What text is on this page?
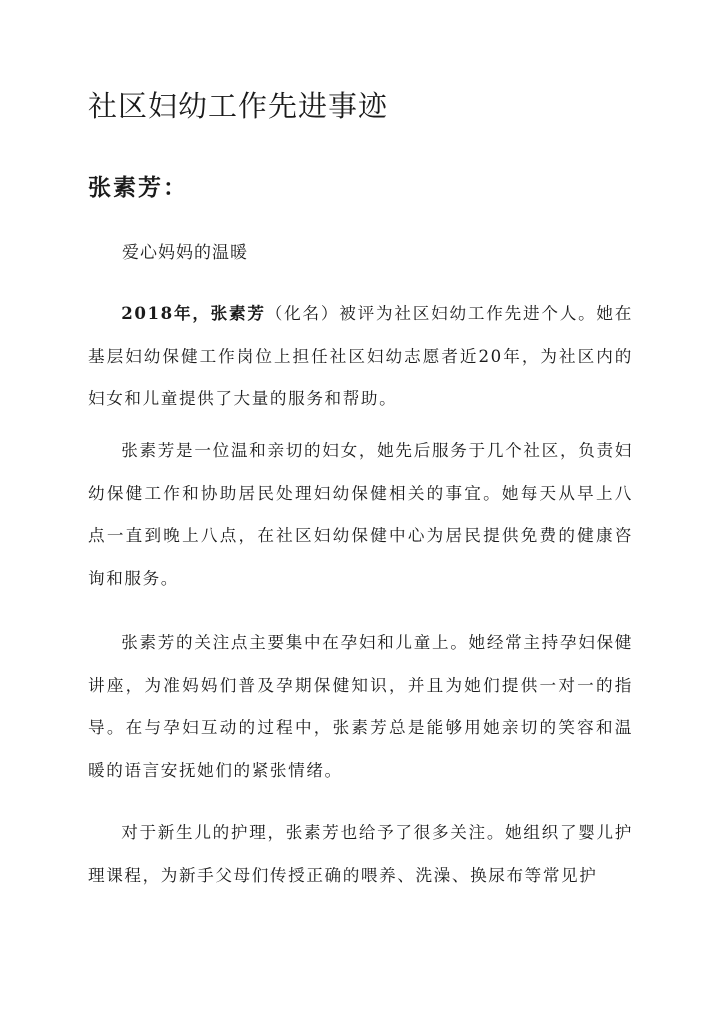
社区妇幼工作先进事迹
张素芳：

爱心妈妈的温暖

2018年，张素芳（化名）被评为社区妇幼工作先进个人。她在基层妇幼保健工作岗位上担任社区妇幼志愿者近20年，为社区内的妇女和儿童提供了大量的服务和帮助。

张素芳是一位温和亲切的妇女，她先后服务于几个社区，负责妇幼保健工作和协助居民处理妇幼保健相关的事宜。她每天从早上八点一直到晚上八点，在社区妇幼保健中心为居民提供免费的健康咨询和服务。

张素芳的关注点主要集中在孕妇和儿童上。她经常主持孕妇保健讲座，为准妈妈们普及孕期保健知识，并且为她们提供一对一的指导。在与孕妇互动的过程中，张素芳总是能够用她亲切的笑容和温暖的语言安抚她们的紧张情绪。

对于新生儿的护理，张素芳也给予了很多关注。她组织了婴儿护理课程，为新手父母们传授正确的喂养、洗澡、换尿布等常见护
